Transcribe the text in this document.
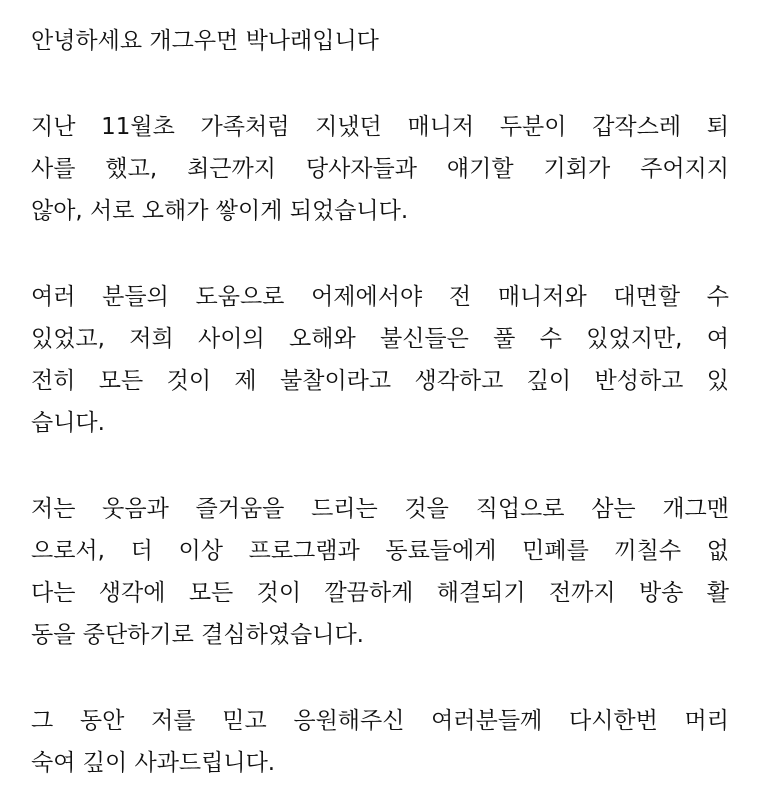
안녕하세요 개그우먼 박나래입니다
지난 11월초 가족처럼 지냈던 매니저 두분이 갑작스레 퇴
사를 했고, 최근까지 당사자들과 얘기할 기회가 주어지지
않아, 서로 오해가 쌓이게 되었습니다.
여러 분들의 도움으로 어제에서야 전 매니저와 대면할 수
있었고, 저희 사이의 오해와 불신들은 풀 수 있었지만, 여
전히 모든 것이 제 불찰이라고 생각하고 깊이 반성하고 있
습니다.
저는 웃음과 즐거움을 드리는 것을 직업으로 삼는 개그맨
으로서, 더 이상 프로그램과 동료들에게 민폐를 끼칠수 없
다는 생각에 모든 것이 깔끔하게 해결되기 전까지 방송 활
동을 중단하기로 결심하였습니다.
그 동안 저를 믿고 응원해주신 여러분들께 다시한번 머리
숙여 깊이 사과드립니다.
